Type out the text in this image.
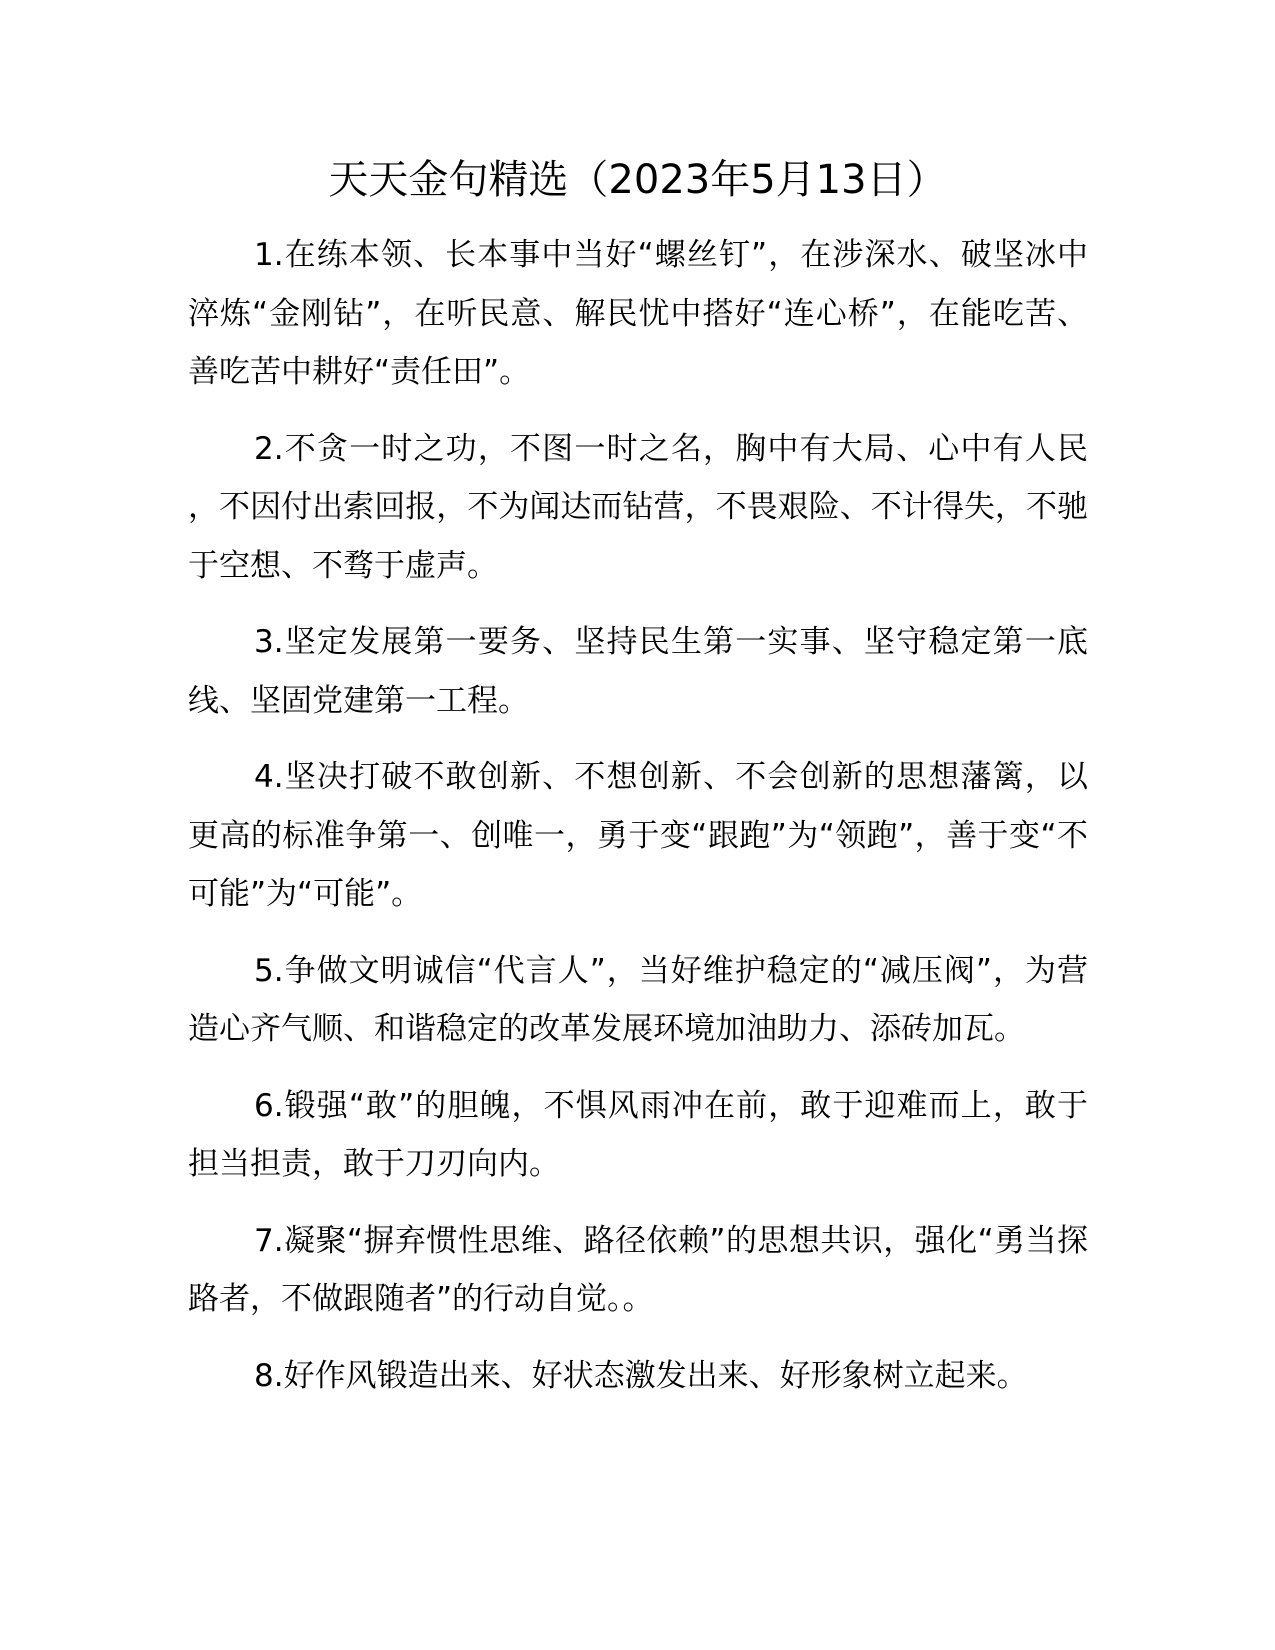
天天金句精选（2023年5月13日）

1.在练本领、长本事中当好“螺丝钉”，在涉深水、破坚冰中淬炼“金刚钻”，在听民意、解民忧中搭好“连心桥”，在能吃苦、善吃苦中耕好“责任田”。

2.不贪一时之功，不图一时之名，胸中有大局、心中有人民，不因付出索回报，不为闻达而钻营，不畏艰险、不计得失，不驰于空想、不骛于虚声。

3.坚定发展第一要务、坚持民生第一实事、坚守稳定第一底线、坚固党建第一工程。

4.坚决打破不敢创新、不想创新、不会创新的思想藩篱，以更高的标准争第一、创唯一，勇于变“跟跑”为“领跑”，善于变“不可能”为“可能”。

5.争做文明诚信“代言人”，当好维护稳定的“减压阀”，为营造心齐气顺、和谐稳定的改革发展环境加油助力、添砖加瓦。

6.锻强“敢”的胆魄，不惧风雨冲在前，敢于迎难而上，敢于担当担责，敢于刀刃向内。

7.凝聚“摒弃惯性思维、路径依赖”的思想共识，强化“勇当探路者，不做跟随者”的行动自觉。。

8.好作风锻造出来、好状态激发出来、好形象树立起来。
